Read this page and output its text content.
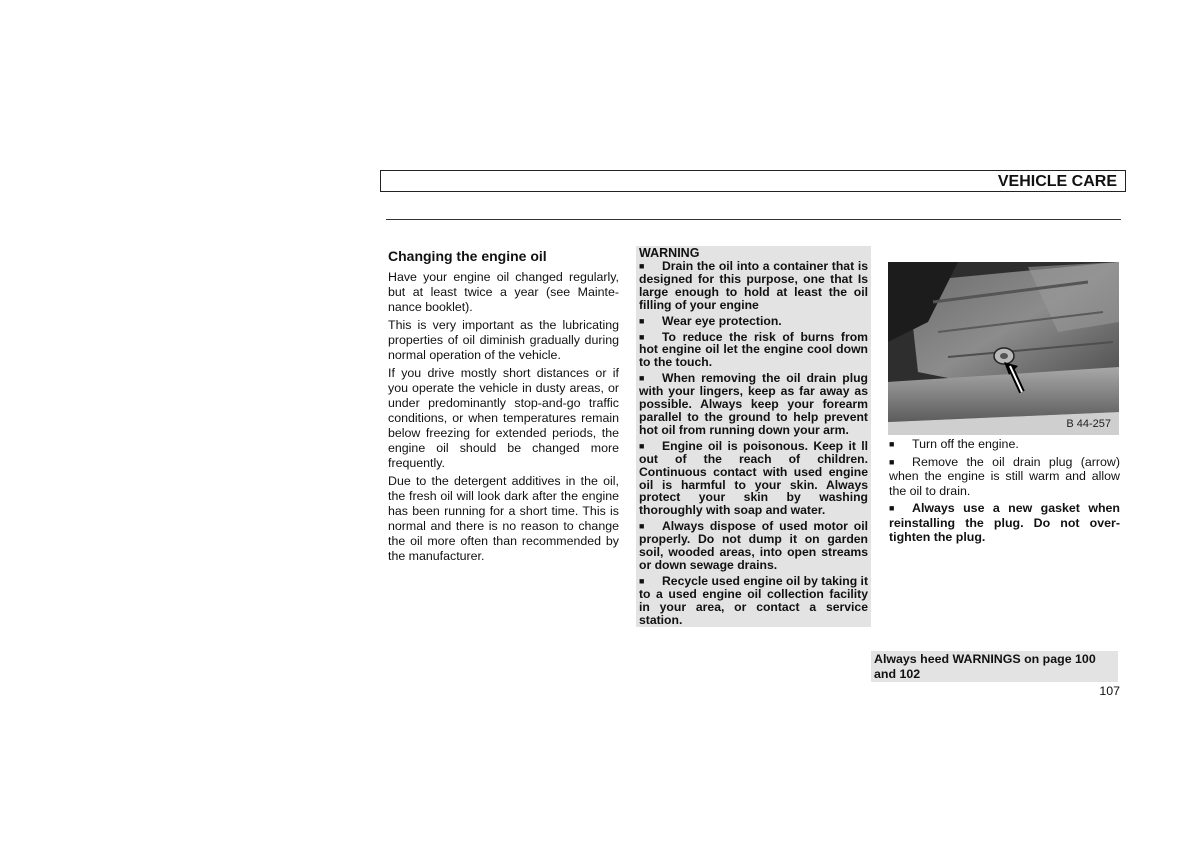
VEHICLE CARE
Changing the engine oil

Have your engine oil changed regularly, but at least twice a year (see Maintenance booklet).

This is very important as the lubricating properties of oil diminish gradually during normal operation of the vehicle.

If you drive mostly short distances or if you operate the vehicle in dusty areas, or under predominantly stop-and-go traffic conditions, or when temperatures remain below freezing for extended periods, the engine oil should be changed more frequently.

Due to the detergent additives in the oil, the fresh oil will look dark after the engine has been running for a short time. This is normal and there is no reason to change the oil more often than recommended by the manufacturer.

WARNING
■ Drain the oil into a container that is designed for this purpose, one that Is large enough to hold at least the oil filling of your engine
■ Wear eye protection.
■ To reduce the risk of burns from hot engine oil let the engine cool down to the touch.
■ When removing the oil drain plug with your lingers, keep as far away as possible. Always keep your forearm parallel to the ground to help prevent hot oil from running down your arm.
■ Engine oil is poisonous. Keep it ll out of the reach of children. Continuous contact with used engine oil is harmful to your skin. Always protect your skin by washing thoroughly with soap and water.
■ Always dispose of used motor oil properly. Do not dump it on garden soil, wooded areas, into open streams or down sewage drains.
■ Recycle used engine oil by taking it to a used engine oil collection facility in your area, or contact a service station.
B 44-257
■ Turn off the engine.
■ Remove the oil drain plug (arrow) when the engine is still warm and allow the oil to drain.
■ Always use a new gasket when reinstalling the plug. Do not overtighten the plug.
Always heed WARNINGS on page 100 and 102
107
